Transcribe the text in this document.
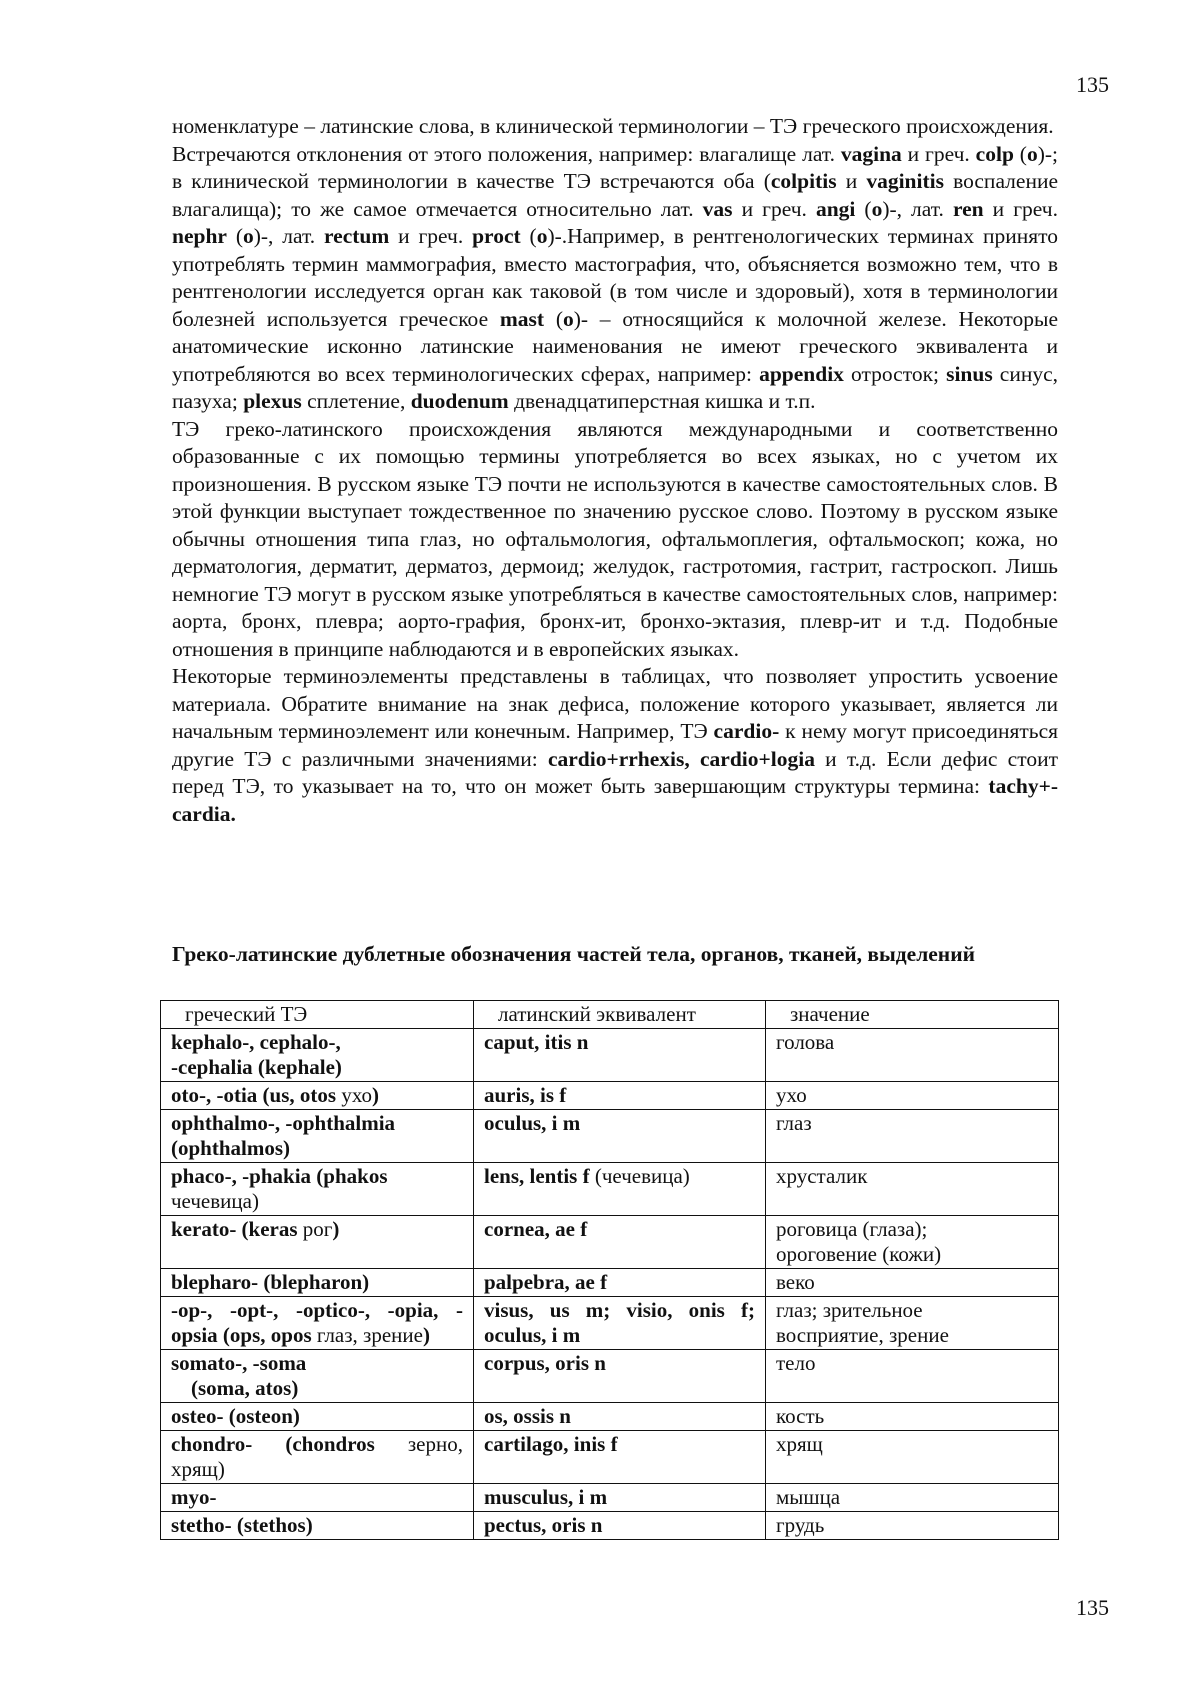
135

номенклатуре – латинские слова, в клинической терминологии – ТЭ греческого происхождения.

Встречаются отклонения от этого положения, например: влагалище лат. vagina и греч. colp (o)-; в клинической терминологии в качестве ТЭ встречаются оба (colpitis и vaginitis воспаление влагалища); то же самое отмечается относительно лат. vas и греч. angi (o)-, лат. ren и греч. nephr (o)-, лат. rectum и греч. proct (o)-.Например, в рентгенологических терминах принято употреблять термин маммография, вместо мастография, что, объясняется возможно тем, что в рентгенологии исследуется орган как таковой (в том числе и здоровый), хотя в терминологии болезней используется греческое mast (o)- – относящийся к молочной железе. Некоторые анатомические исконно латинские наименования не имеют греческого эквивалента и употребляются во всех терминологических сферах, например: appendix отросток; sinus синус, пазуха; plexus сплетение, duodenum двенадцатиперстная кишка и т.п.

ТЭ греко-латинского происхождения являются международными и соответственно образованные с их помощью термины употребляется во всех языках, но с учетом их произношения. В русском языке ТЭ почти не используются в качестве самостоятельных слов. В этой функции выступает тождественное по значению русское слово. Поэтому в русском языке обычны отношения типа глаз, но офтальмология, офтальмоплегия, офтальмоскоп; кожа, но дерматология, дерматит, дерматоз, дермоид; желудок, гастротомия, гастрит, гастроскоп. Лишь немногие ТЭ могут в русском языке употребляться в качестве самостоятельных слов, например: аорта, бронх, плевра; аорто-графия, бронх-ит, бронхо-эктазия, плевр-ит и т.д. Подобные отношения в принципе наблюдаются и в европейских языках.

Некоторые терминоэлементы представлены в таблицах, что позволяет упростить усвоение материала. Обратите внимание на знак дефиса, положение которого указывает, является ли начальным терминоэлемент или конечным. Например, ТЭ cardio- к нему могут присоединяться другие ТЭ с различными значениями: cardio+rrhexis, cardio+logia и т.д. Если дефис стоит перед ТЭ, то указывает на то, что он может быть завершающим структуры термина: tachy+-cardia.

Греко-латинские дублетные обозначения частей тела, органов, тканей, выделений

греческий ТЭ	латинский эквивалент	значение
kephalo-, cephalo-,
-cephalia (kephale)	caput, itis n	голова
oto-, -otia (us, otos ухо)	auris, is f	ухо
ophthalmo-, -ophthalmia
(ophthalmos)	oculus, i m	глаз
phaco-, -phakia (phakos
чечевица)	lens, lentis f (чечевица)	хрусталик
kerato- (keras рог)	cornea, ae f	роговица (глаза);
ороговение (кожи)
blepharo- (blepharon)	palpebra, ae f	веко

-op-, -opt-, -optico-, -opia, -
opsia (ops, opos глаз, зрение)	visus, us m; visio, onis f;
oculus, i m	глаз; зрительное
восприятие, зрение
somato-, -soma
(soma, atos)	corpus, oris n	тело
osteo- (osteon)	os, ossis n	кость

chondro- (chondros зерно,
хрящ)	cartilago, inis f	хрящ
myo-	musculus, i m	мышца
stetho- (stethos)	pectus, oris n	грудь
135
